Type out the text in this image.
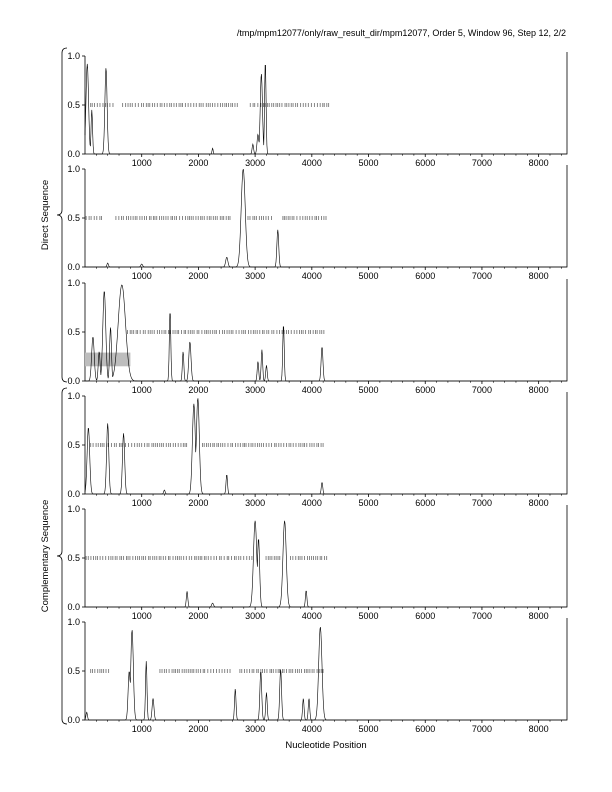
/tmp/mpm12077/only/raw_result_dir/mpm12077, Order 5, Window 96, Step 12, 2/2
0.0
0.5
1.0
1000	2000	3000	4000	5000	6000	7000	8000
0.0
0.5
1.0
1000	2000	3000	4000	5000	6000	7000	8000
0.0
0.5
1.0
1000	2000	3000	4000	5000	6000	7000	8000
0.0
0.5
1.0
1000	2000	3000	4000	5000	6000	7000	8000
0.0
0.5
1.0
1000	2000	3000	4000	5000	6000	7000	8000
0.0
0.5
1.0
1000	2000	3000	4000	5000	6000	7000	8000
Direct Sequence
Complementary Sequence
Nucleotide Position
